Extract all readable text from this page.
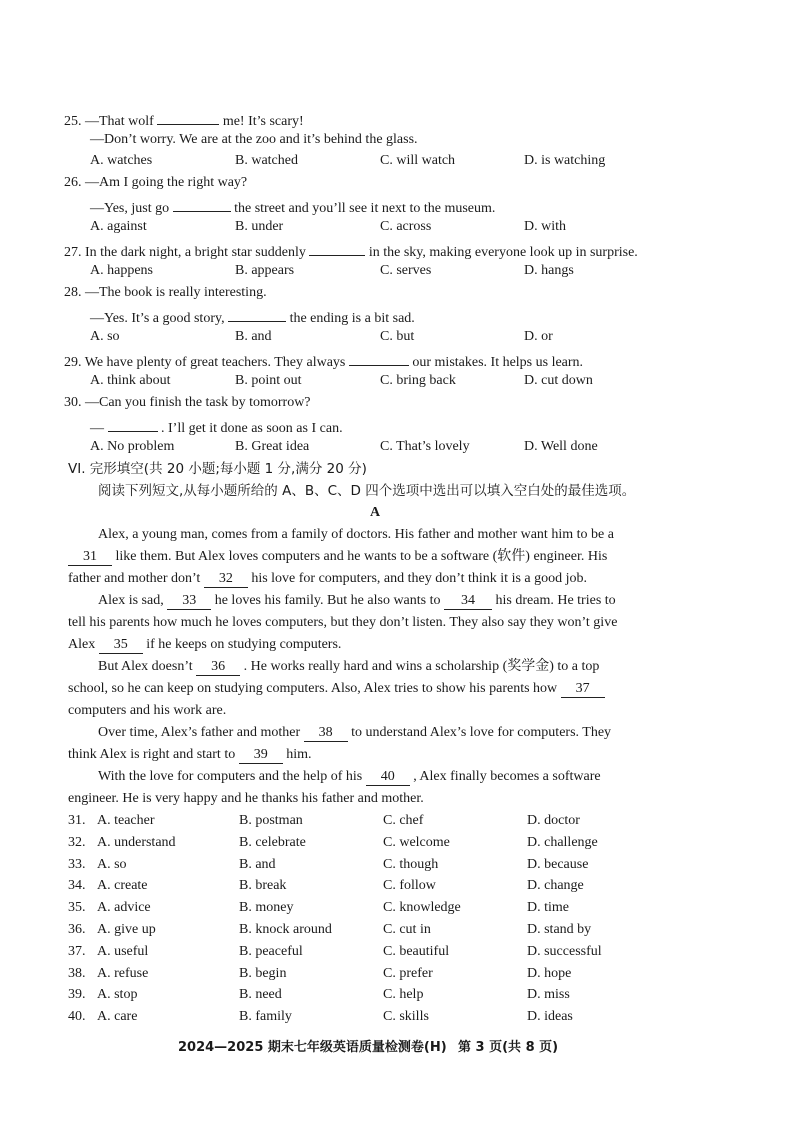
25. —That wolf	me! It’s scary!
—Don’t worry. We are at the zoo and it’s behind the glass.
A. watches	B. watched	C. will watch	D. is watching
26. —Am I going the right way?
—Yes, just go	the street and you’ll see it next to the museum.
A. against	B. under	C. across	D. with
27. In the dark night, a bright star suddenly	in the sky, making everyone look up in surprise.
A. happens	B. appears	C. serves	D. hangs
28. —The book is really interesting.
—Yes. It’s a good story,	the ending is a bit sad.
A. so	B. and	C. but	D. or
29. We have plenty of great teachers. They always	our mistakes. It helps us learn.
A. think about	B. point out	C. bring back	D. cut down
30. —Can you finish the task by tomorrow?
—	. I’ll get it done as soon as I can.
A. No problem	B. Great idea	C. That’s lovely	D. Well done
VI. 完形填空(共 20 小题;每小题 1 分,满分 20 分)
阅读下列短文,从每小题所给的 A、B、C、D 四个选项中选出可以填入空白处的最佳选项。
A
Alex, a young man, comes from a family of doctors. His father and mother want him to be a
31 like them. But Alex loves computers and he wants to be a software (软件) engineer. His
father and mother don’t 32 his love for computers, and they don’t think it is a good job.
Alex is sad, 33 he loves his family. But he also wants to 34 his dream. He tries to
tell his parents how much he loves computers, but they don’t listen. They also say they won’t give
Alex 35 if he keeps on studying computers.
But Alex doesn’t 36 . He works really hard and wins a scholarship (奖学金) to a top
school, so he can keep on studying computers. Also, Alex tries to show his parents how 37
computers and his work are.
Over time, Alex’s father and mother 38 to understand Alex’s love for computers. They
think Alex is right and start to 39 him.
With the love for computers and the help of his 40 , Alex finally becomes a software
engineer. He is very happy and he thanks his father and mother.
31. A. teacher	B. postman	C. chef	D. doctor
32. A. understand	B. celebrate	C. welcome	D. challenge
33. A. so	B. and	C. though	D. because
34. A. create	B. break	C. follow	D. change
35. A. advice	B. money	C. knowledge	D. time
36. A. give up	B. knock around	C. cut in	D. stand by
37. A. useful	B. peaceful	C. beautiful	D. successful
38. A. refuse	B. begin	C. prefer	D. hope
39. A. stop	B. need	C. help	D. miss
40. A. care	B. family	C. skills	D. ideas
2024—2025 期末七年级英语质量检测卷(H) 第 3 页(共 8 页)
